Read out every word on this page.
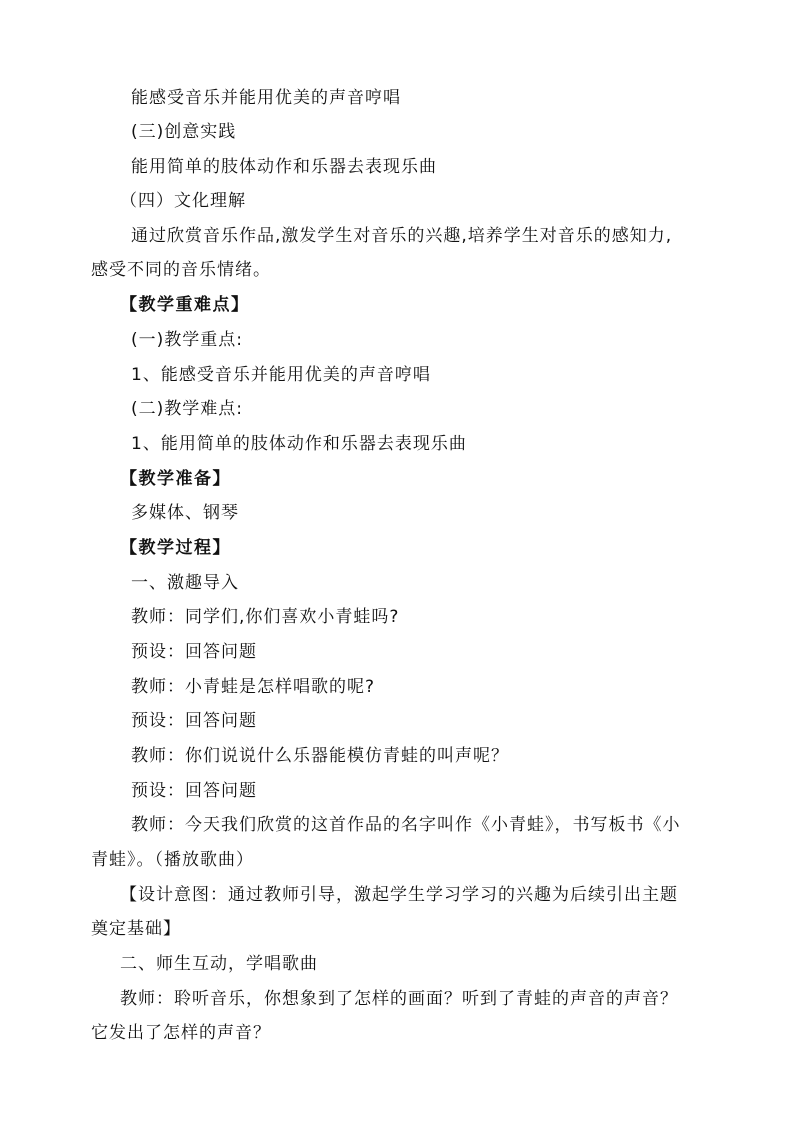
能感受音乐并能用优美的声音哼唱
(三)创意实践
能用简单的肢体动作和乐器去表现乐曲
（四）文化理解
通过欣赏音乐作品,激发学生对音乐的兴趣,培养学生对音乐的感知力,
感受不同的音乐情绪。
【教学重难点】
(一)教学重点:
1、能感受音乐并能用优美的声音哼唱
(二)教学难点:
1、能用简单的肢体动作和乐器去表现乐曲
【教学准备】
多媒体、钢琴
【教学过程】
一、激趣导入
教师：同学们,你们喜欢小青蛙吗?
预设：回答问题
教师：小青蛙是怎样唱歌的呢?
预设：回答问题
教师：你们说说什么乐器能模仿青蛙的叫声呢？
预设：回答问题
教师：今天我们欣赏的这首作品的名字叫作《小青蛙》，书写板书《小
青蛙》。（播放歌曲）
【设计意图：通过教师引导，激起学生学习学习的兴趣为后续引出主题
奠定基础】
二、师生互动，学唱歌曲
教师：聆听音乐，你想象到了怎样的画面？听到了青蛙的声音的声音？
它发出了怎样的声音？
